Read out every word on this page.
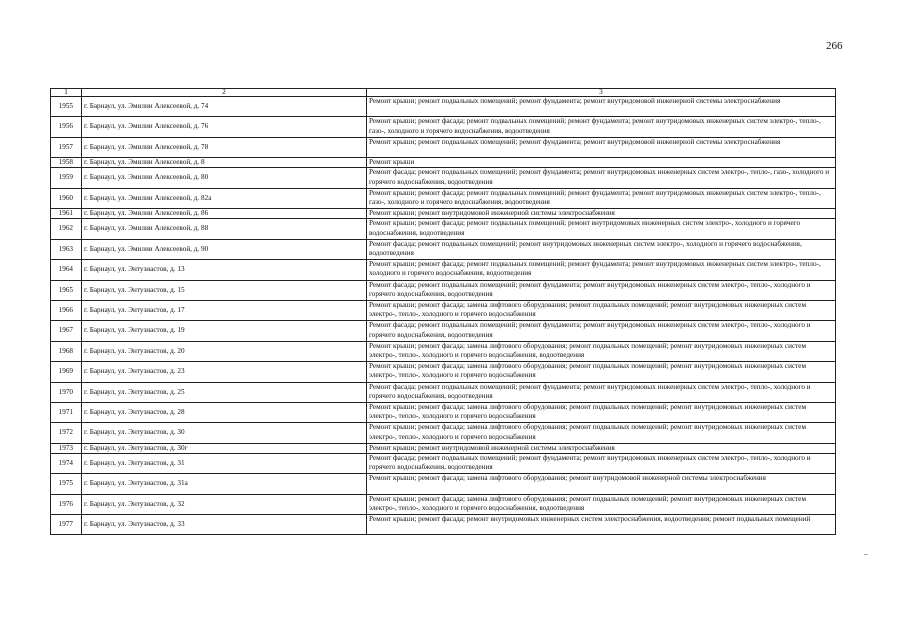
266
1	2	3
1955	г. Барнаул, ул. Эмилии Алексеевой, д. 74	Ремонт крыши; ремонт подвальных помещений; ремонт фундамента; ремонт внутридомовой инженерной системы электроснабжения
1956	г. Барнаул, ул. Эмилии Алексеевой, д. 76	Ремонт крыши; ремонт фасада; ремонт подвальных помещений; ремонт фундамента; ремонт внутридомовых инженерных систем электро-, тепло-, газо-, холодного и горячего водоснабжения, водоотведения
1957	г. Барнаул, ул. Эмилии Алексеевой, д. 78	Ремонт крыши; ремонт подвальных помещений; ремонт фундамента; ремонт внутридомовой инженерной системы электроснабжения
1958	г. Барнаул, ул. Эмилии Алексеевой, д. 8	Ремонт крыши
1959	г. Барнаул, ул. Эмилии Алексеевой, д. 80	Ремонт фасада; ремонт подвальных помещений; ремонт фундамента; ремонт внутридомовых инженерных систем электро-, тепло-, газо-, холодного и горячего водоснабжения, водоотведения
1960	г. Барнаул, ул. Эмилии Алексеевой, д. 82а	Ремонт крыши; ремонт фасада; ремонт подвальных помещений; ремонт фундамента; ремонт внутридомовых инженерных систем электро-, тепло-, газо-, холодного и горячего водоснабжения, водоотведения
1961	г. Барнаул, ул. Эмилии Алексеевой, д. 86	Ремонт крыши; ремонт внутридомовой инженерной системы электроснабжения
1962	г. Барнаул, ул. Эмилии Алексеевой, д. 88	Ремонт крыши; ремонт фасада; ремонт подвальных помещений; ремонт внутридомовых инженерных систем электро-, холодного и горячего водоснабжения, водоотведения
1963	г. Барнаул, ул. Эмилии Алексеевой, д. 90	Ремонт фасада; ремонт подвальных помещений; ремонт внутридомовых инженерных систем электро-, холодного и горячего водоснабжения, водоотведения
1964	г. Барнаул, ул. Энтузиастов, д. 13	Ремонт крыши; ремонт фасада; ремонт подвальных помещений; ремонт фундамента; ремонт внутридомовых инженерных систем электро-, тепло-, холодного и горячего водоснабжения, водоотведения
1965	г. Барнаул, ул. Энтузиастов, д. 15	Ремонт фасада; ремонт подвальных помещений; ремонт фундамента; ремонт внутридомовых инженерных систем электро-, тепло-, холодного и горячего водоснабжения, водоотведения
1966	г. Барнаул, ул. Энтузиастов, д. 17	Ремонт крыши; ремонт фасада; замена лифтового оборудования; ремонт подвальных помещений; ремонт внутридомовых инженерных систем электро-, тепло-, холодного и горячего водоснабжения
1967	г. Барнаул, ул. Энтузиастов, д. 19	Ремонт фасада; ремонт подвальных помещений; ремонт фундамента; ремонт внутридомовых инженерных систем электро-, тепло-, холодного и горячего водоснабжения, водоотведения
1968	г. Барнаул, ул. Энтузиастов, д. 20	Ремонт крыши; ремонт фасада; замена лифтового оборудования; ремонт подвальных помещений; ремонт внутридомовых инженерных систем электро-, тепло-, холодного и горячего водоснабжения, водоотведения
1969	г. Барнаул, ул. Энтузиастов, д. 23	Ремонт крыши; ремонт фасада; замена лифтового оборудования; ремонт подвальных помещений; ремонт внутридомовых инженерных систем электро-, тепло-, холодного и горячего водоснабжения
1970	г. Барнаул, ул. Энтузиастов, д. 25	Ремонт фасада; ремонт подвальных помещений; ремонт фундамента; ремонт внутридомовых инженерных систем электро-, тепло-, холодного и горячего водоснабжения, водоотведения
1971	г. Барнаул, ул. Энтузиастов, д. 28	Ремонт крыши; ремонт фасада; замена лифтового оборудования; ремонт подвальных помещений; ремонт внутридомовых инженерных систем электро-, тепло-, холодного и горячего водоснабжения
1972	г. Барнаул, ул. Энтузиастов, д. 30	Ремонт крыши; ремонт фасада; замена лифтового оборудования; ремонт подвальных помещений; ремонт внутридомовых инженерных систем электро-, тепло-, холодного и горячего водоснабжения
1973	г. Барнаул, ул. Энтузиастов, д. 30г	Ремонт крыши; ремонт внутридомовой инженерной системы электроснабжения
1974	г. Барнаул, ул. Энтузиастов, д. 31	Ремонт фасада; ремонт подвальных помещений; ремонт фундамента; ремонт внутридомовых инженерных систем электро-, тепло-, холодного и горячего водоснабжения, водоотведения
1975	г. Барнаул, ул. Энтузиастов, д. 31а	Ремонт крыши; ремонт фасада; замена лифтового оборудования; ремонт внутридомовой инженерной системы электроснабжения
1976	г. Барнаул, ул. Энтузиастов, д. 32	Ремонт крыши; ремонт фасада; замена лифтового оборудования; ремонт подвальных помещений; ремонт внутридомовых инженерных систем электро-, тепло-, холодного и горячего водоснабжения, водоотведения
1977	г. Барнаул, ул. Энтузиастов, д. 33	Ремонт крыши; ремонт фасада; ремонт внутридомовых инженерных систем электроснабжения, водоотведения; ремонт подвальных помещений
–
